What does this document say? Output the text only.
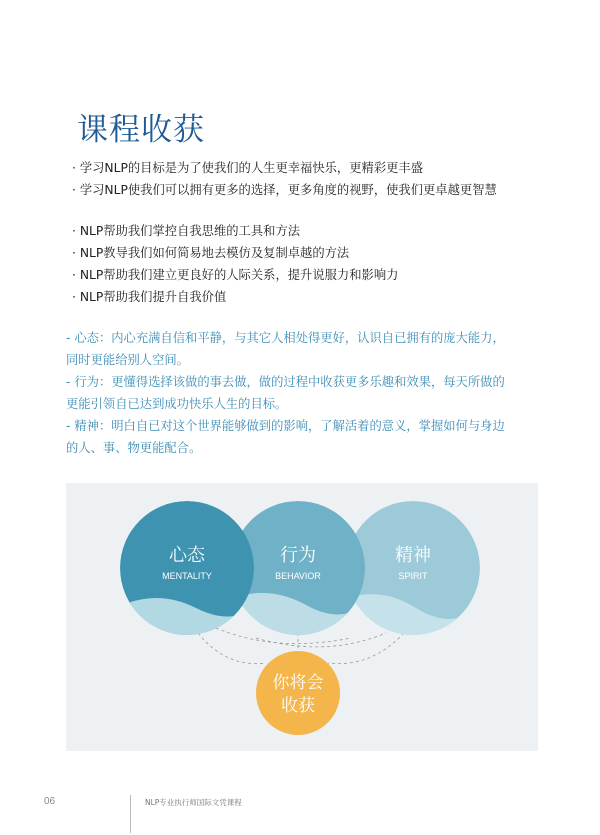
课程收获
· 学习NLP的目标是为了使我们的人生更幸福快乐，更精彩更丰盛
· 学习NLP使我们可以拥有更多的选择，更多角度的视野，使我们更卓越更智慧
· NLP帮助我们掌控自我思维的工具和方法
· NLP教导我们如何简易地去模仿及复制卓越的方法
· NLP帮助我们建立更良好的人际关系，提升说服力和影响力
· NLP帮助我们提升自我价值
- 心态：内心充满自信和平静，与其它人相处得更好，认识自已拥有的庞大能力，
同时更能给别人空间。
- 行为：更懂得选择该做的事去做，做的过程中收获更多乐趣和效果，每天所做的
更能引领自已达到成功快乐人生的目标。
- 精神：明白自已对这个世界能够做到的影响，了解活着的意义，掌握如何与身边
的人、事、物更能配合。
心态
MENTALITY
行为
BEHAVIOR
精神
SPIRIT
你将会
收获
06	NLP专业执行师国际文凭课程
